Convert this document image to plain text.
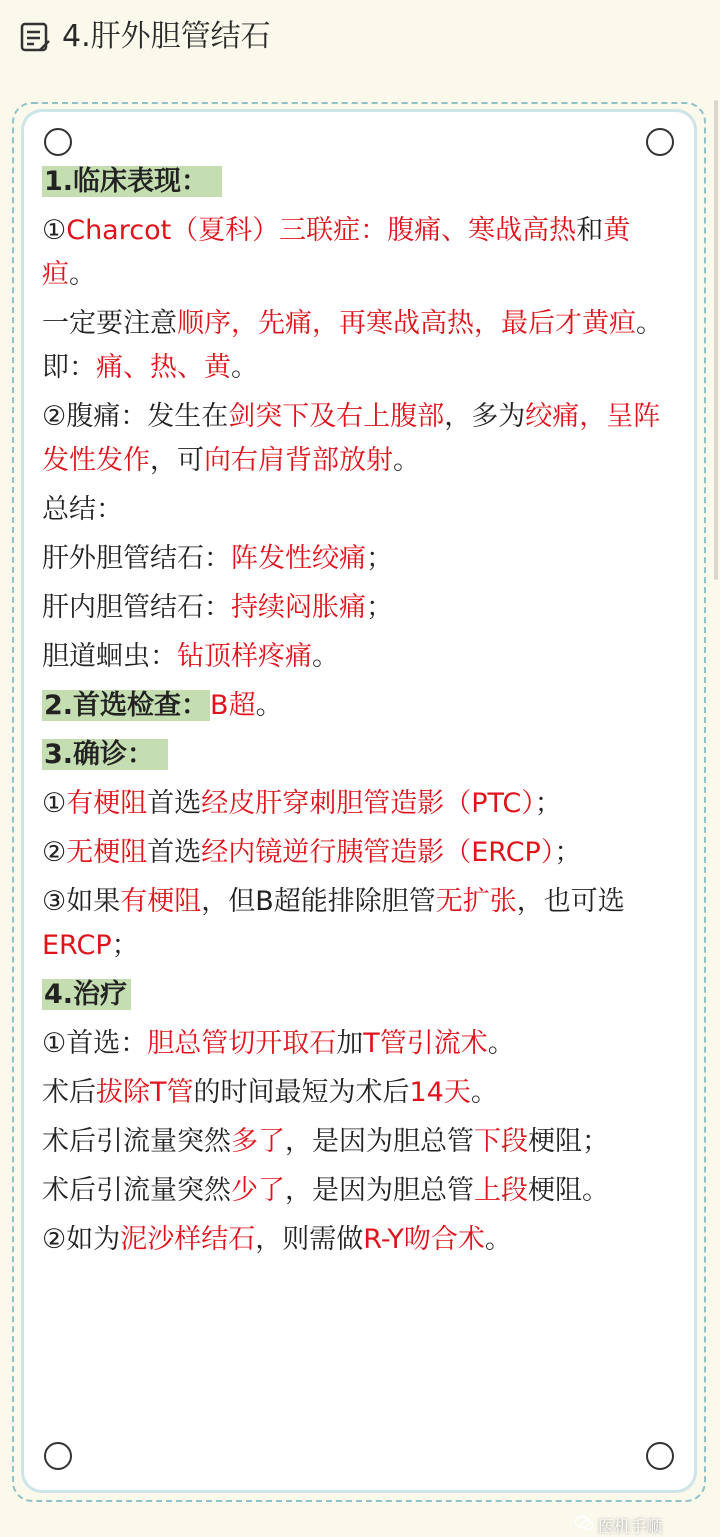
4.肝外胆管结石

1.临床表现：

①Charcot（夏科）三联症：腹痛、寒战高热和黄疸。

一定要注意顺序，先痛，再寒战高热，最后才黄疸。即：痛、热、黄。

②腹痛：发生在剑突下及右上腹部，多为绞痛，呈阵发性发作，可向右肩背部放射。

总结：

肝外胆管结石：阵发性绞痛；

肝内胆管结石：持续闷胀痛；

胆道蛔虫：钻顶样疼痛。

2.首选检查：B超。

3.确诊：

①有梗阻首选经皮肝穿刺胆管造影（PTC）；

②无梗阻首选经内镜逆行胰管造影（ERCP）；

③如果有梗阻，但B超能排除胆管无扩张，也可选ERCP；

4.治疗

①首选：胆总管切开取石加T管引流术。

术后拔除T管的时间最短为术后14天。

术后引流量突然多了，是因为胆总管下段梗阻；

术后引流量突然少了，是因为胆总管上段梗阻。

②如为泥沙样结石，则需做R-Y吻合术。

医机手顺
